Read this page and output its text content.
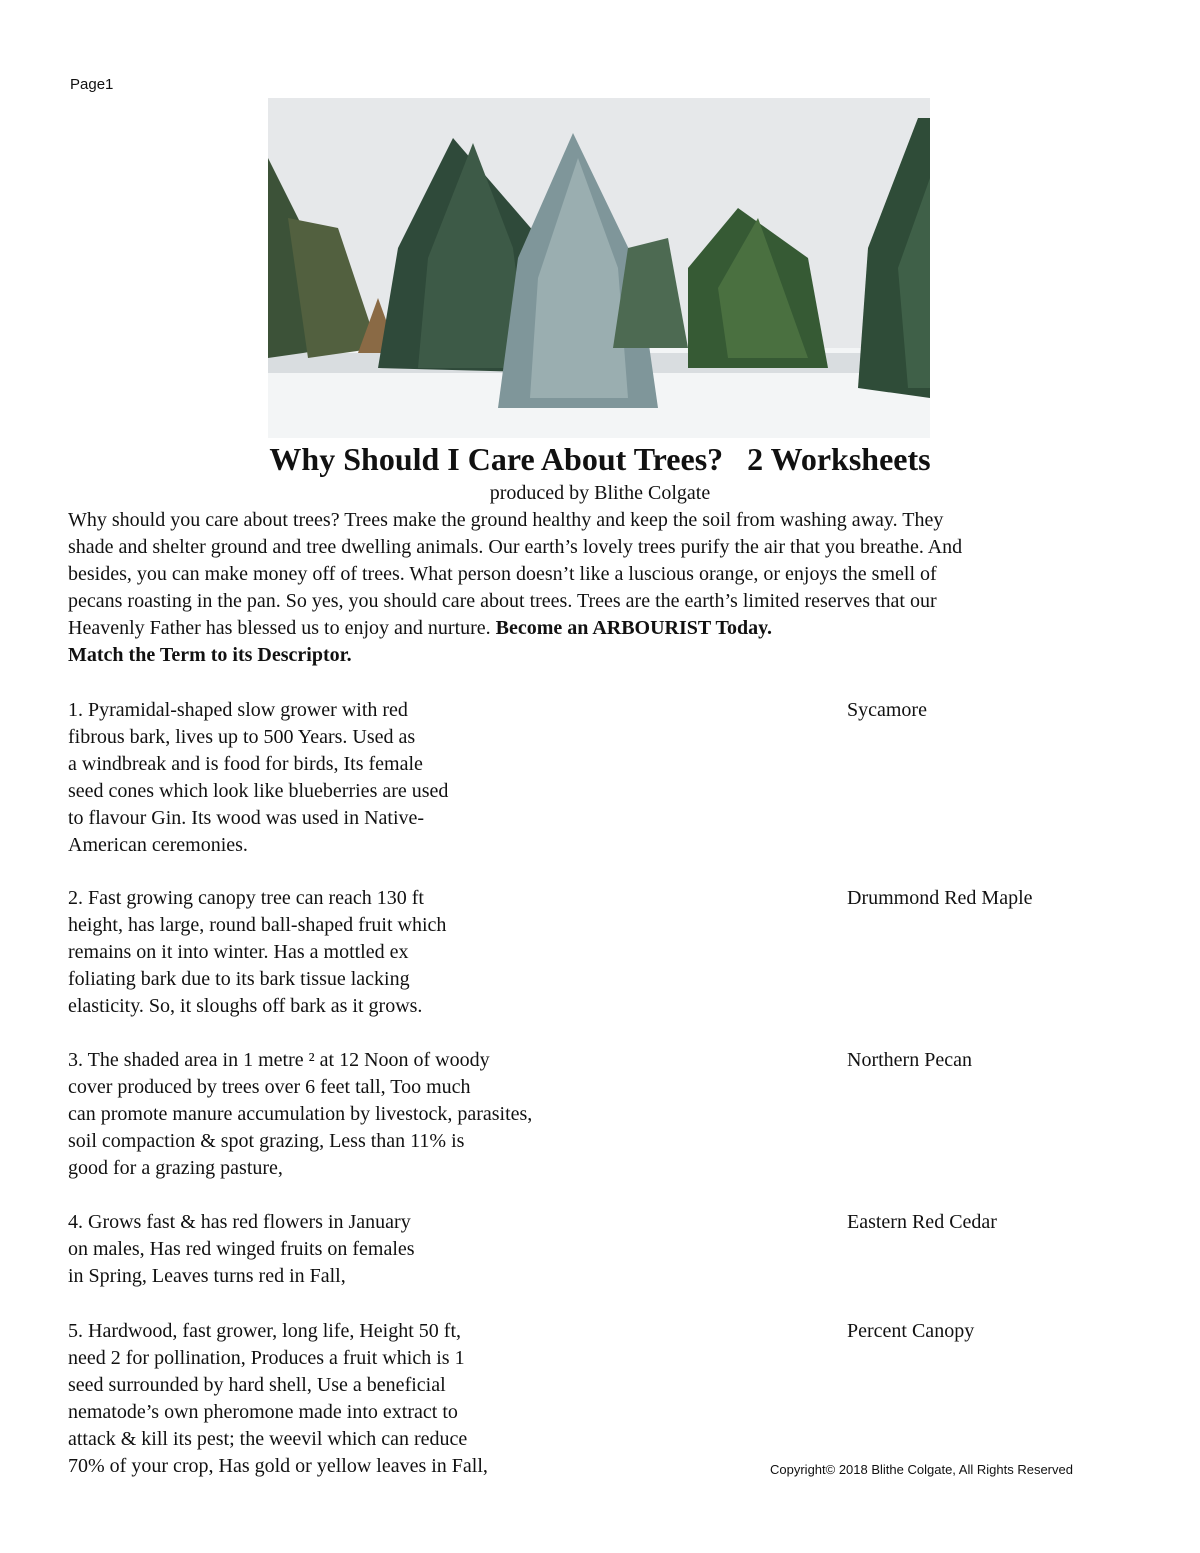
Page1
Why Should I Care About Trees?   2 Worksheets
produced by Blithe Colgate
Why should you care about trees? Trees make the ground healthy and keep the soil from washing away. They
shade and shelter ground and tree dwelling animals. Our earth’s lovely trees purify the air that you breathe. And
besides, you can make money off of trees. What person doesn’t like a luscious orange, or enjoys the smell of
pecans roasting in the pan. So yes, you should care about trees. Trees are the earth’s limited reserves that our
Heavenly Father has blessed us to enjoy and nurture. Become an ARBOURIST Today.
Match the Term to its Descriptor.
1. Pyramidal-shaped slow grower with red
fibrous bark, lives up to 500 Years. Used as
a windbreak and is food for birds, Its female
seed cones which look like blueberries are used
to flavour Gin. Its wood was used in Native-
American ceremonies.
2. Fast growing canopy tree can reach 130 ft
height, has large, round ball-shaped fruit which
remains on it into winter. Has a mottled ex
foliating bark due to its bark tissue lacking
elasticity. So, it sloughs off bark as it grows.
3. The shaded area in 1 metre ² at 12 Noon of woody
cover produced by trees over 6 feet tall, Too much
can promote manure accumulation by livestock, parasites,
soil compaction & spot grazing, Less than 11% is
good for a grazing pasture,
4. Grows fast & has red flowers in January
on males, Has red winged fruits on females
in Spring, Leaves turns red in Fall,
5. Hardwood, fast grower, long life, Height 50 ft,
need 2 for pollination, Produces a fruit which is 1
seed surrounded by hard shell, Use a beneficial
nematode’s own pheromone made into extract to
attack & kill its pest; the weevil which can reduce
70% of your crop, Has gold or yellow leaves in Fall,
Sycamore
Drummond Red Maple
Northern Pecan
Eastern Red Cedar
Percent Canopy
Copyright© 2018 Blithe Colgate, All Rights Reserved
